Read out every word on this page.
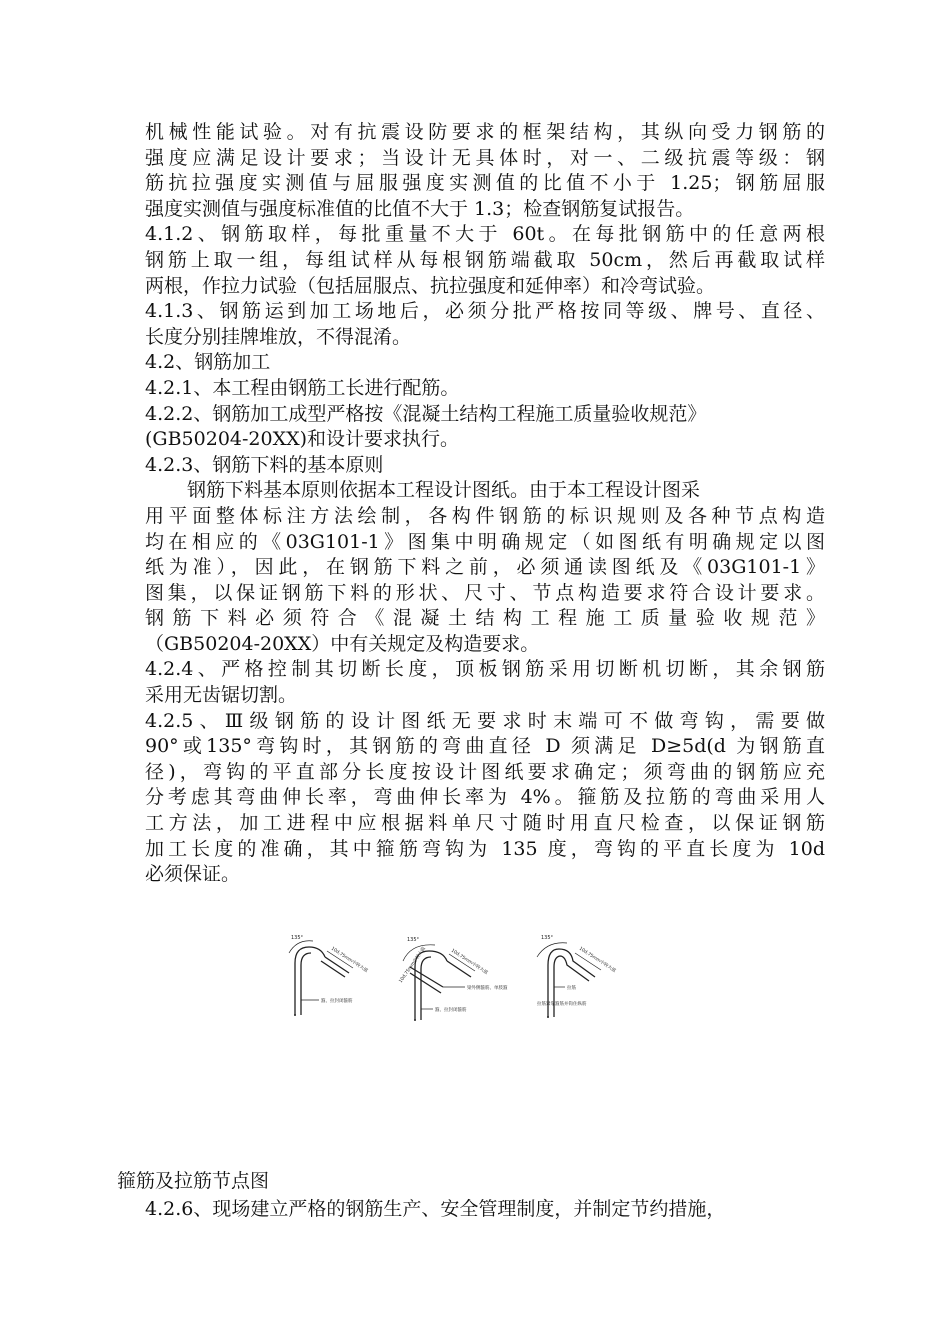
机械性能试验。对有抗震设防要求的框架结构，其纵向受力钢筋的
强度应满足设计要求；当设计无具体时，对一、二级抗震等级：钢
筋抗拉强度实测值与屈服强度实测值的比值不小于 1.25；钢筋屈服
强度实测值与强度标准值的比值不大于 1.3；检查钢筋复试报告。
4.1.2、钢筋取样，每批重量不大于 60t。在每批钢筋中的任意两根
钢筋上取一组，每组试样从每根钢筋端截取 50cm，然后再截取试样
两根，作拉力试验（包括屈服点、抗拉强度和延伸率）和冷弯试验。
4.1.3、钢筋运到加工场地后，必须分批严格按同等级、牌号、直径、
长度分别挂牌堆放，不得混淆。
4.2、钢筋加工
4.2.1、本工程由钢筋工长进行配筋。
4.2.2、钢筋加工成型严格按《混凝土结构工程施工质量验收规范》
(GB50204-20XX)和设计要求执行。
4.2.3、钢筋下料的基本原则
钢筋下料基本原则依据本工程设计图纸。由于本工程设计图采
用平面整体标注方法绘制，各构件钢筋的标识规则及各种节点构造
均在相应的《03G101-1》图集中明确规定（如图纸有明确规定以图
纸为准），因此，在钢筋下料之前，必须通读图纸及《03G101-1》
图集，以保证钢筋下料的形状、尺寸、节点构造要求符合设计要求。
钢筋下料必须符合《混凝土结构工程施工质量验收规范》
（GB50204-20XX）中有关规定及构造要求。
4.2.4、严格控制其切断长度，顶板钢筋采用切断机切断，其余钢筋
采用无齿锯切割。
4.2.5、Ⅲ级钢筋的设计图纸无要求时末端可不做弯钩，需要做
90°或135°弯钩时，其钢筋的弯曲直径 D 须满足 D≥5d(d 为钢筋直
径)，弯钩的平直部分长度按设计图纸要求确定；须弯曲的钢筋应充
分考虑其弯曲伸长率，弯曲伸长率为 4%。箍筋及拉筋的弯曲采用人
工方法，加工进程中应根据料单尺寸随时用直尺检查，以保证钢筋
加工长度的准确，其中箍筋弯钩为 135 度，弯钩的平直长度为 10d
必须保证。
135°
10d,75mm中较大值
箍、拉封闭箍筋
135°
10d,75mm中较大值
10d,75mm中较大值
梁外侧箍筋、单肢箍
箍、拉封闭箍筋
135°
10d,75mm中较大值
拉筋
拉筋紧靠箍筋并钩住纵筋
箍筋及拉筋节点图
4.2.6、现场建立严格的钢筋生产、安全管理制度，并制定节约措施，
